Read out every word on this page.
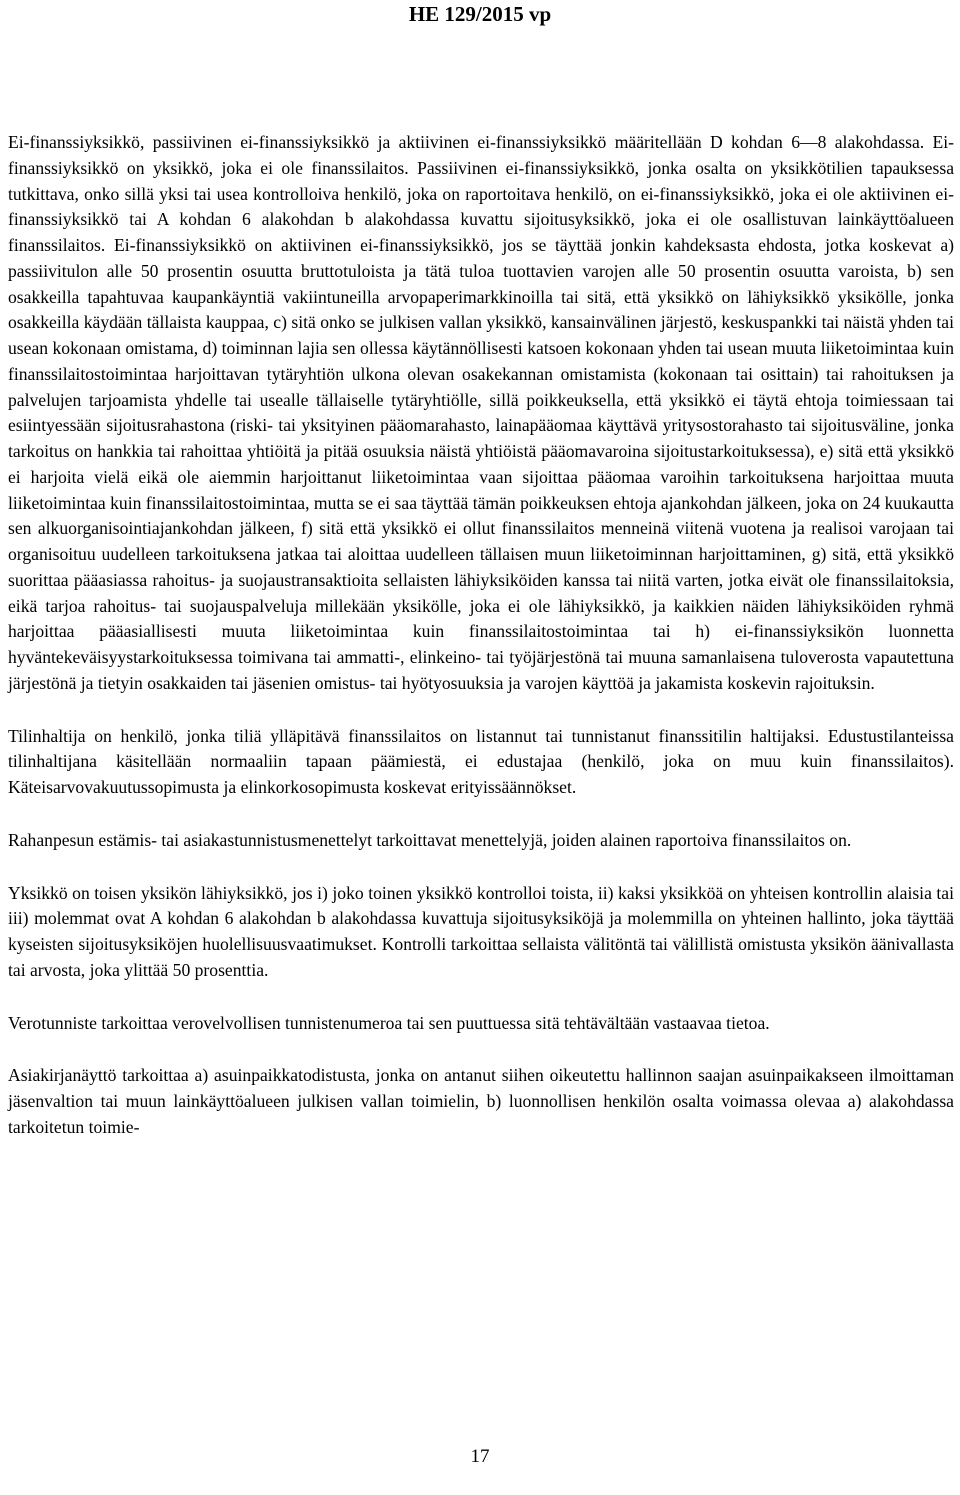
HE 129/2015 vp

Ei-finanssiyksikkö, passiivinen ei-finanssiyksikkö ja aktiivinen ei-finanssiyksikkö määritellään D kohdan 6—8 alakohdassa. Ei-finanssiyksikkö on yksikkö, joka ei ole finanssilaitos. Passiivinen ei-finanssiyksikkö, jonka osalta on yksikkötilien tapauksessa tutkittava, onko sillä yksi tai usea kontrolloiva henkilö, joka on raportoitava henkilö, on ei-finanssiyksikkö, joka ei ole aktiivinen ei-finanssiyksikkö tai A kohdan 6 alakohdan b alakohdassa kuvattu sijoitusyksikkö, joka ei ole osallistuvan lainkäyttöalueen finanssilaitos. Ei-finanssiyksikkö on aktiivinen ei-finanssiyksikkö, jos se täyttää jonkin kahdeksasta ehdosta, jotka koskevat a) passiivitulon alle 50 prosentin osuutta bruttotuloista ja tätä tuloa tuottavien varojen alle 50 prosentin osuutta varoista, b) sen osakkeilla tapahtuvaa kaupankäyntiä vakiintuneilla arvopaperimarkkinoilla tai sitä, että yksikkö on lähiyksikkö yksikölle, jonka osakkeilla käydään tällaista kauppaa, c) sitä onko se julkisen vallan yksikkö, kansainvälinen järjestö, keskuspankki tai näistä yhden tai usean kokonaan omistama, d) toiminnan lajia sen ollessa käytännöllisesti katsoen kokonaan yhden tai usean muuta liiketoimintaa kuin finanssilaitostoimintaa harjoittavan tytäryhtiön ulkona olevan osakekannan omistamista (kokonaan tai osittain) tai rahoituksen ja palvelujen tarjoamista yhdelle tai usealle tällaiselle tytäryhtiölle, sillä poikkeuksella, että yksikkö ei täytä ehtoja toimiessaan tai esiintyessään sijoitusrahastona (riski- tai yksityinen pääomarahasto, lainapääomaa käyttävä yritysostorahasto tai sijoitusväline, jonka tarkoitus on hankkia tai rahoittaa yhtiöitä ja pitää osuuksia näistä yhtiöistä pääomavaroina sijoitustarkoituksessa), e) sitä että yksikkö ei harjoita vielä eikä ole aiemmin harjoittanut liiketoimintaa vaan sijoittaa pääomaa varoihin tarkoituksena harjoittaa muuta liiketoimintaa kuin finanssilaitostoimintaa, mutta se ei saa täyttää tämän poikkeuksen ehtoja ajankohdan jälkeen, joka on 24 kuukautta sen alkuorganisointiajankohdan jälkeen, f) sitä että yksikkö ei ollut finanssilaitos menneinä viitenä vuotena ja realisoi varojaan tai organisoituu uudelleen tarkoituksena jatkaa tai aloittaa uudelleen tällaisen muun liiketoiminnan harjoittaminen, g) sitä, että yksikkö suorittaa pääasiassa rahoitus- ja suojaustransaktioita sellaisten lähiyksiköiden kanssa tai niitä varten, jotka eivät ole finanssilaitoksia, eikä tarjoa rahoitus- tai suojauspalveluja millekään yksikölle, joka ei ole lähiyksikkö, ja kaikkien näiden lähiyksiköiden ryhmä harjoittaa pääasiallisesti muuta liiketoimintaa kuin finanssilaitostoimintaa tai h) ei-finanssiyksikön luonnetta hyväntekeväisyystarkoituksessa toimivana tai ammatti-, elinkeino- tai työjärjestönä tai muuna samanlaisena tuloverosta vapautettuna järjestönä ja tietyin osakkaiden tai jäsenien omistus- tai hyötyosuuksia ja varojen käyttöä ja jakamista koskevin rajoituksin.

Tilinhaltija on henkilö, jonka tiliä ylläpitävä finanssilaitos on listannut tai tunnistanut finanssitilin haltijaksi. Edustustilanteissa tilinhaltijana käsitellään normaaliin tapaan päämiestä, ei edustajaa (henkilö, joka on muu kuin finanssilaitos). Käteisarvovakuutussopimusta ja elinkorkosopimusta koskevat erityissäännökset.

Rahanpesun estämis- tai asiakastunnistusmenettelyt tarkoittavat menettelyjä, joiden alainen raportoiva finanssilaitos on.

Yksikkö on toisen yksikön lähiyksikkö, jos i) joko toinen yksikkö kontrolloi toista, ii) kaksi yksikköä on yhteisen kontrollin alaisia tai iii) molemmat ovat A kohdan 6 alakohdan b alakohdassa kuvattuja sijoitusyksiköjä ja molemmilla on yhteinen hallinto, joka täyttää kyseisten sijoitusyksiköjen huolellisuusvaatimukset. Kontrolli tarkoittaa sellaista välitöntä tai välillistä omistusta yksikön äänivallasta tai arvosta, joka ylittää 50 prosenttia.

Verotunniste tarkoittaa verovelvollisen tunnistenumeroa tai sen puuttuessa sitä tehtävältään vastaavaa tietoa.

Asiakirjanäyttö tarkoittaa a) asuinpaikkatodistusta, jonka on antanut siihen oikeutettu hallinnon saajan asuinpaikakseen ilmoittaman jäsenvaltion tai muun lainkäyttöalueen julkisen vallan toimielin, b) luonnollisen henkilön osalta voimassa olevaa a) alakohdassa tarkoitetun toimie-

17
